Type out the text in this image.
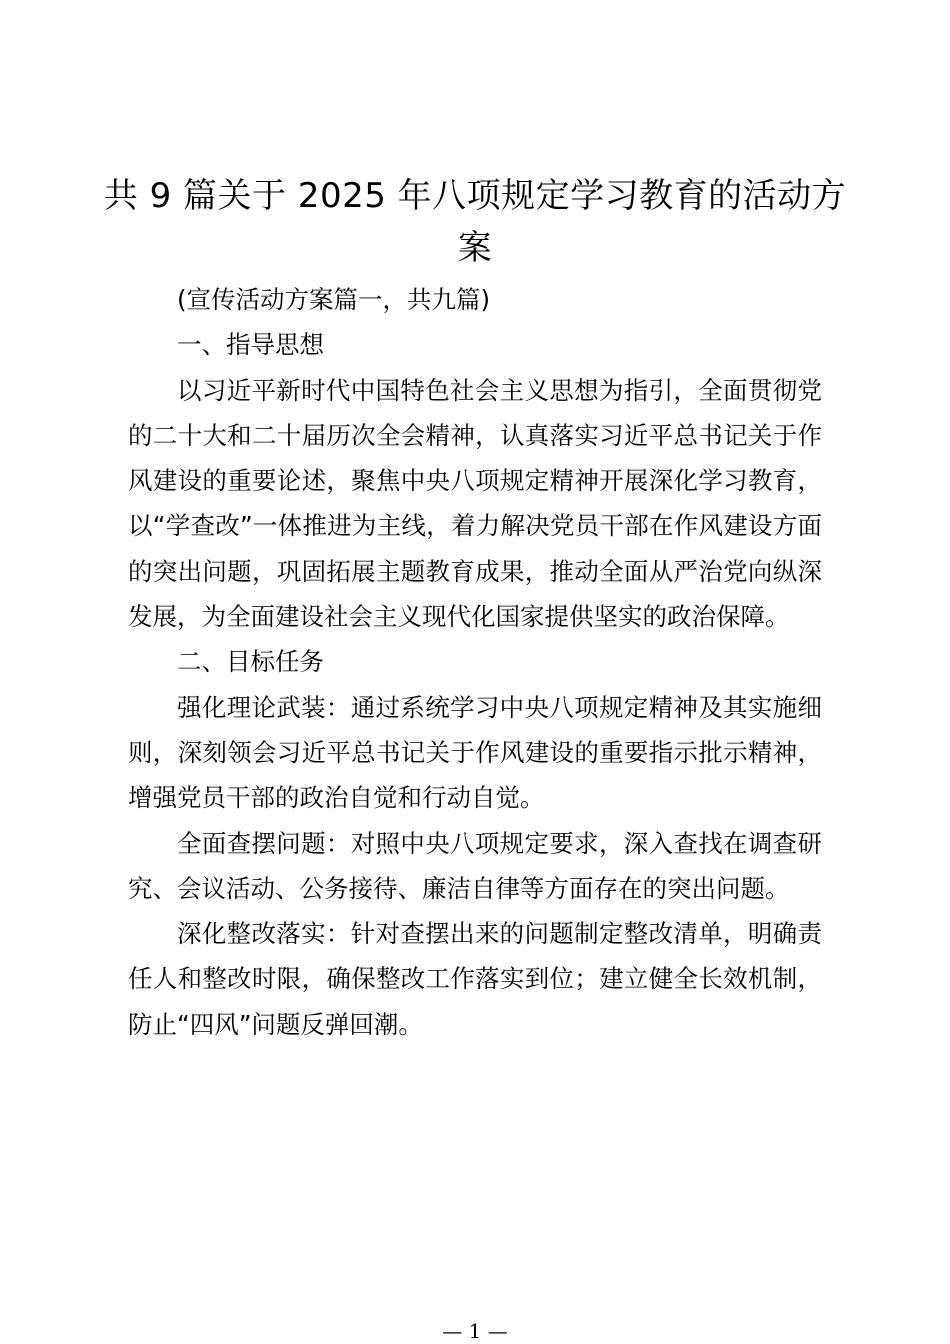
共 9 篇关于 2025 年八项规定学习教育的活动方案

(宣传活动方案篇一，共九篇)

一、指导思想

以习近平新时代中国特色社会主义思想为指引，全面贯彻党的二十大和二十届历次全会精神，认真落实习近平总书记关于作风建设的重要论述，聚焦中央八项规定精神开展深化学习教育，以“学查改”一体推进为主线，着力解决党员干部在作风建设方面的突出问题，巩固拓展主题教育成果，推动全面从严治党向纵深发展，为全面建设社会主义现代化国家提供坚实的政治保障。

二、目标任务

强化理论武装：通过系统学习中央八项规定精神及其实施细则，深刻领会习近平总书记关于作风建设的重要指示批示精神，增强党员干部的政治自觉和行动自觉。

全面查摆问题：对照中央八项规定要求，深入查找在调查研究、会议活动、公务接待、廉洁自律等方面存在的突出问题。

深化整改落实：针对查摆出来的问题制定整改清单，明确责任人和整改时限，确保整改工作落实到位；建立健全长效机制，防止“四风”问题反弹回潮。

— 1 —
